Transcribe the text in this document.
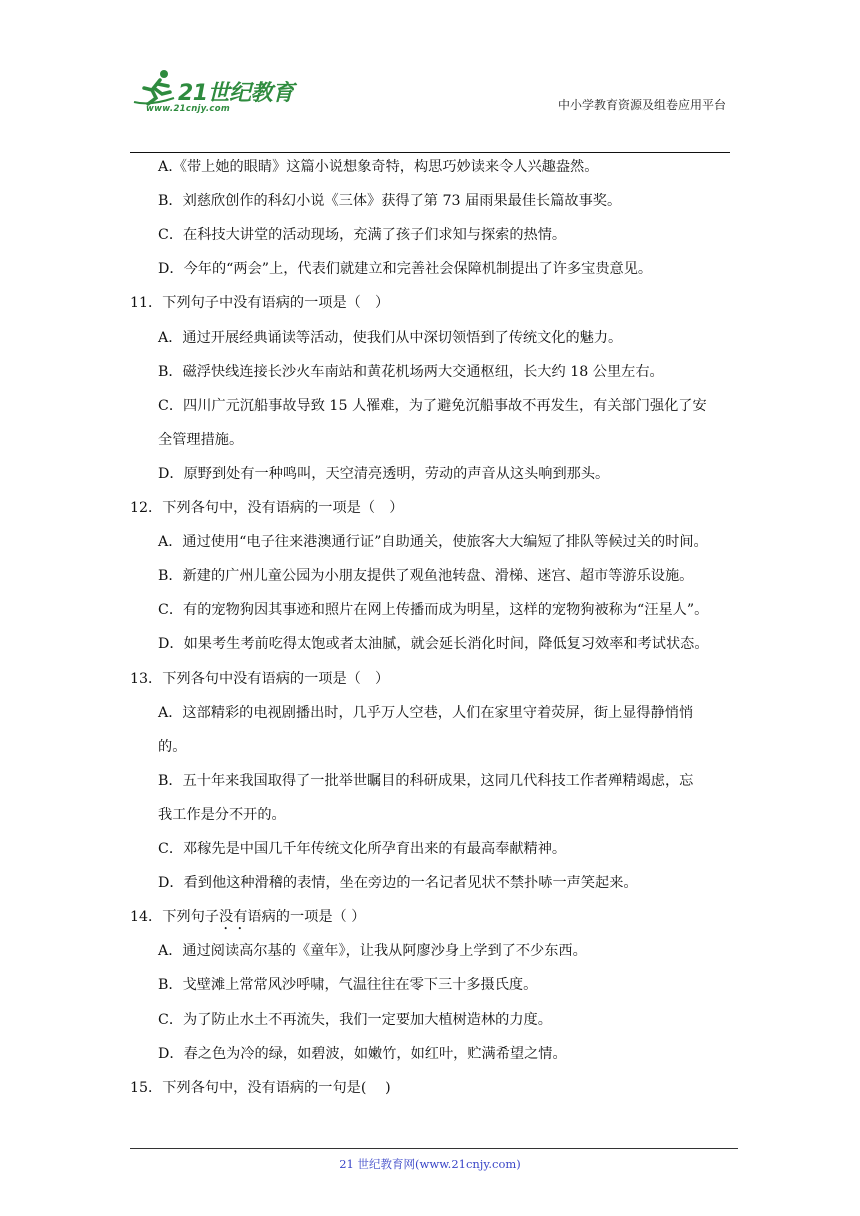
21世纪教育
www.21cnjy.com	中小学教育资源及组卷应用平台
A.《带上她的眼睛》这篇小说想象奇特，构思巧妙读来令人兴趣盎然。
B．刘慈欣创作的科幻小说《三体》获得了第 73 届雨果最佳长篇故事奖。
C．在科技大讲堂的活动现场，充满了孩子们求知与探索的热情。
D．今年的“两会”上，代表们就建立和完善社会保障机制提出了许多宝贵意见。
11．下列句子中没有语病的一项是（　）
A．通过开展经典诵读等活动，使我们从中深切领悟到了传统文化的魅力。
B．磁浮快线连接长沙火车南站和黄花机场两大交通枢纽，长大约 18 公里左右。
C．四川广元沉船事故导致 15 人罹难，为了避免沉船事故不再发生，有关部门强化了安
全管理措施。
D．原野到处有一种鸣叫，天空清亮透明，劳动的声音从这头响到那头。
12．下列各句中，没有语病的一项是（　）
A．通过使用“电子往来港澳通行证”自助通关，使旅客大大编短了排队等候过关的时间。
B．新建的广州儿童公园为小朋友提供了观鱼池转盘、滑梯、迷宫、超市等游乐设施。
C．有的宠物狗因其事迹和照片在网上传播而成为明星，这样的宠物狗被称为“汪星人”。
D．如果考生考前吃得太饱或者太油腻，就会延长消化时间，降低复习效率和考试状态。
13．下列各句中没有语病的一项是（　）
A．这部精彩的电视剧播出时，几乎万人空巷，人们在家里守着荧屏，街上显得静悄悄
的。
B．五十年来我国取得了一批举世瞩目的科研成果，这同几代科技工作者殚精竭虑，忘
我工作是分不开的。
C．邓稼先是中国几千年传统文化所孕育出来的有最高奉献精神。
D．看到他这种滑稽的表情，坐在旁边的一名记者见状不禁扑哧一声笑起来。
14．下列句子没有语病的一项是（ ）
A．通过阅读高尔基的《童年》，让我从阿廖沙身上学到了不少东西。
B．戈壁滩上常常风沙呼啸，气温往往在零下三十多摄氏度。
C．为了防止水土不再流失，我们一定要加大植树造林的力度。
D．春之色为冷的绿，如碧波，如嫩竹，如红叶，贮满希望之情。
15．下列各句中，没有语病的一句是(　 )
21 世纪教育网(www.21cnjy.com)
